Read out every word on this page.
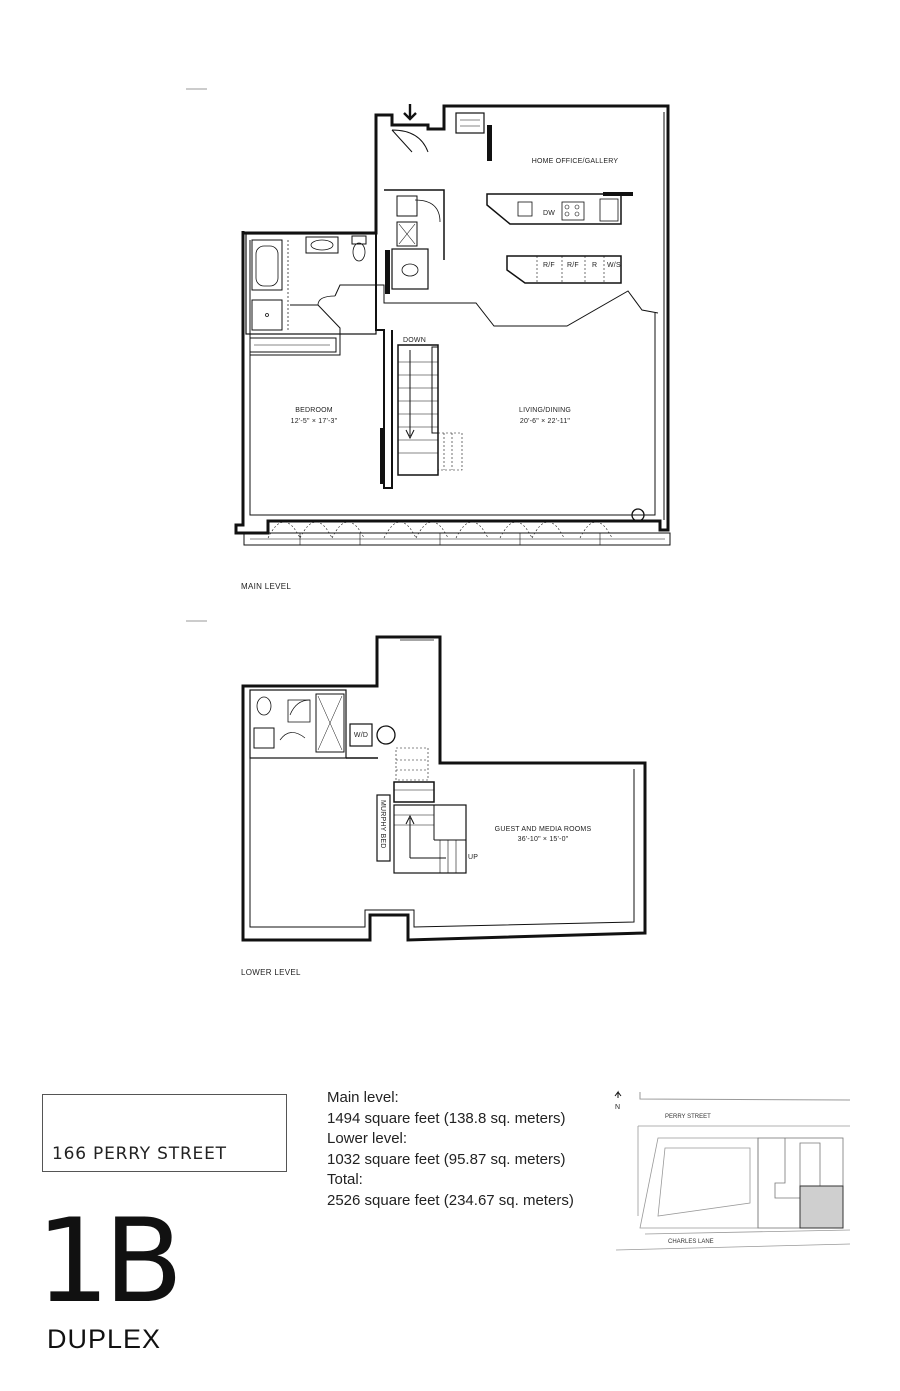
HOME OFFICE/GALLERY
BEDROOM
12'-5" × 17'-3"
LIVING/DINING
20'-6" × 22'-11"
DOWN
DW
R/F R/F R W/S
GUEST AND MEDIA ROOMS
36'-10" × 15'-0"
W/D
UP
MURPHY BED
MAIN LEVEL
LOWER LEVEL
166 PERRY STREET
1B
DUPLEX
Main level:
1494 square feet (138.8 sq. meters)
Lower level:
1032 square feet (95.87 sq. meters)
Total:
2526 square feet (234.67 sq. meters)
N
PERRY STREET
CHARLES LANE
